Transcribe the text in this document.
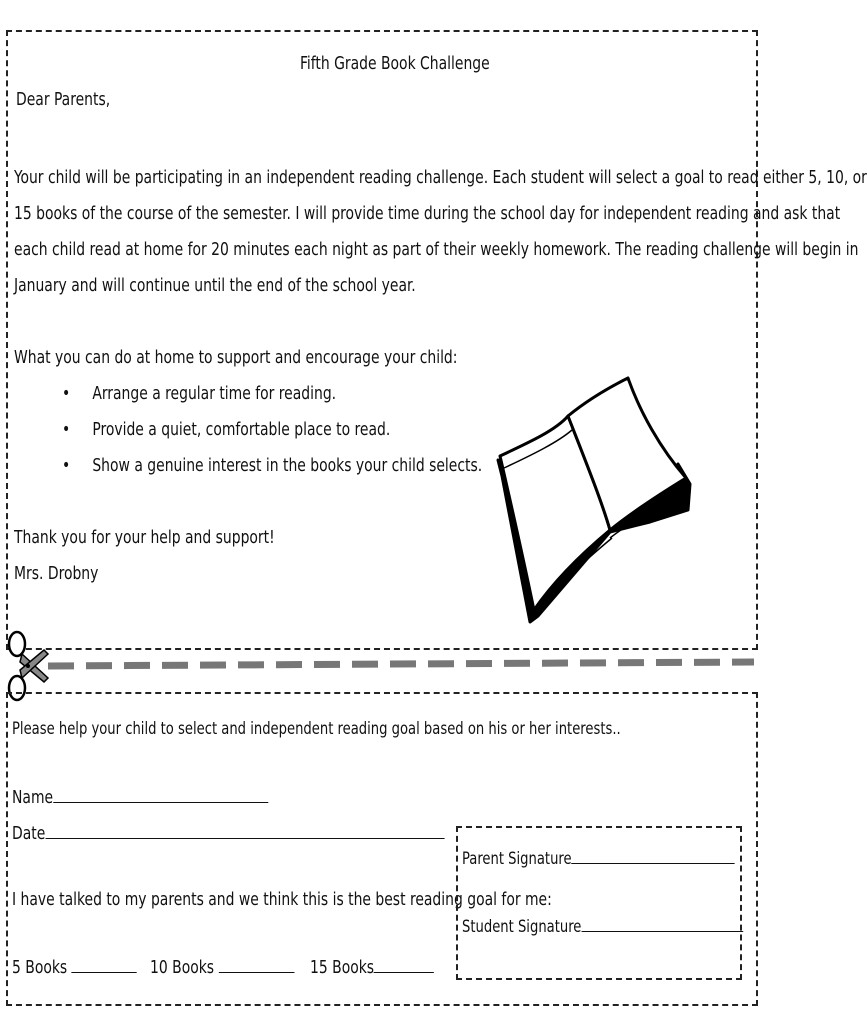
Fifth Grade Book Challenge
Dear Parents,
Your child will be participating in an independent reading challenge. Each student will select a goal to read either 5, 10, or
15 books of the course of the semester. I will provide time during the school day for independent reading and ask that
each child read at home for 20 minutes each night as part of their weekly homework. The reading challenge will begin in
January and will continue until the end of the school year.
What you can do at home to support and encourage your child:
•     Arrange a regular time for reading.
•     Provide a quiet, comfortable place to read.
•     Show a genuine interest in the books your child selects.
Thank you for your help and support!
Mrs. Drobny
Please help your child to select and independent reading goal based on his or her interests..
Name
Date
I have talked to my parents and we think this is the best reading goal for me:
5 Books	10 Books	15 Books
Parent Signature
Student Signature
